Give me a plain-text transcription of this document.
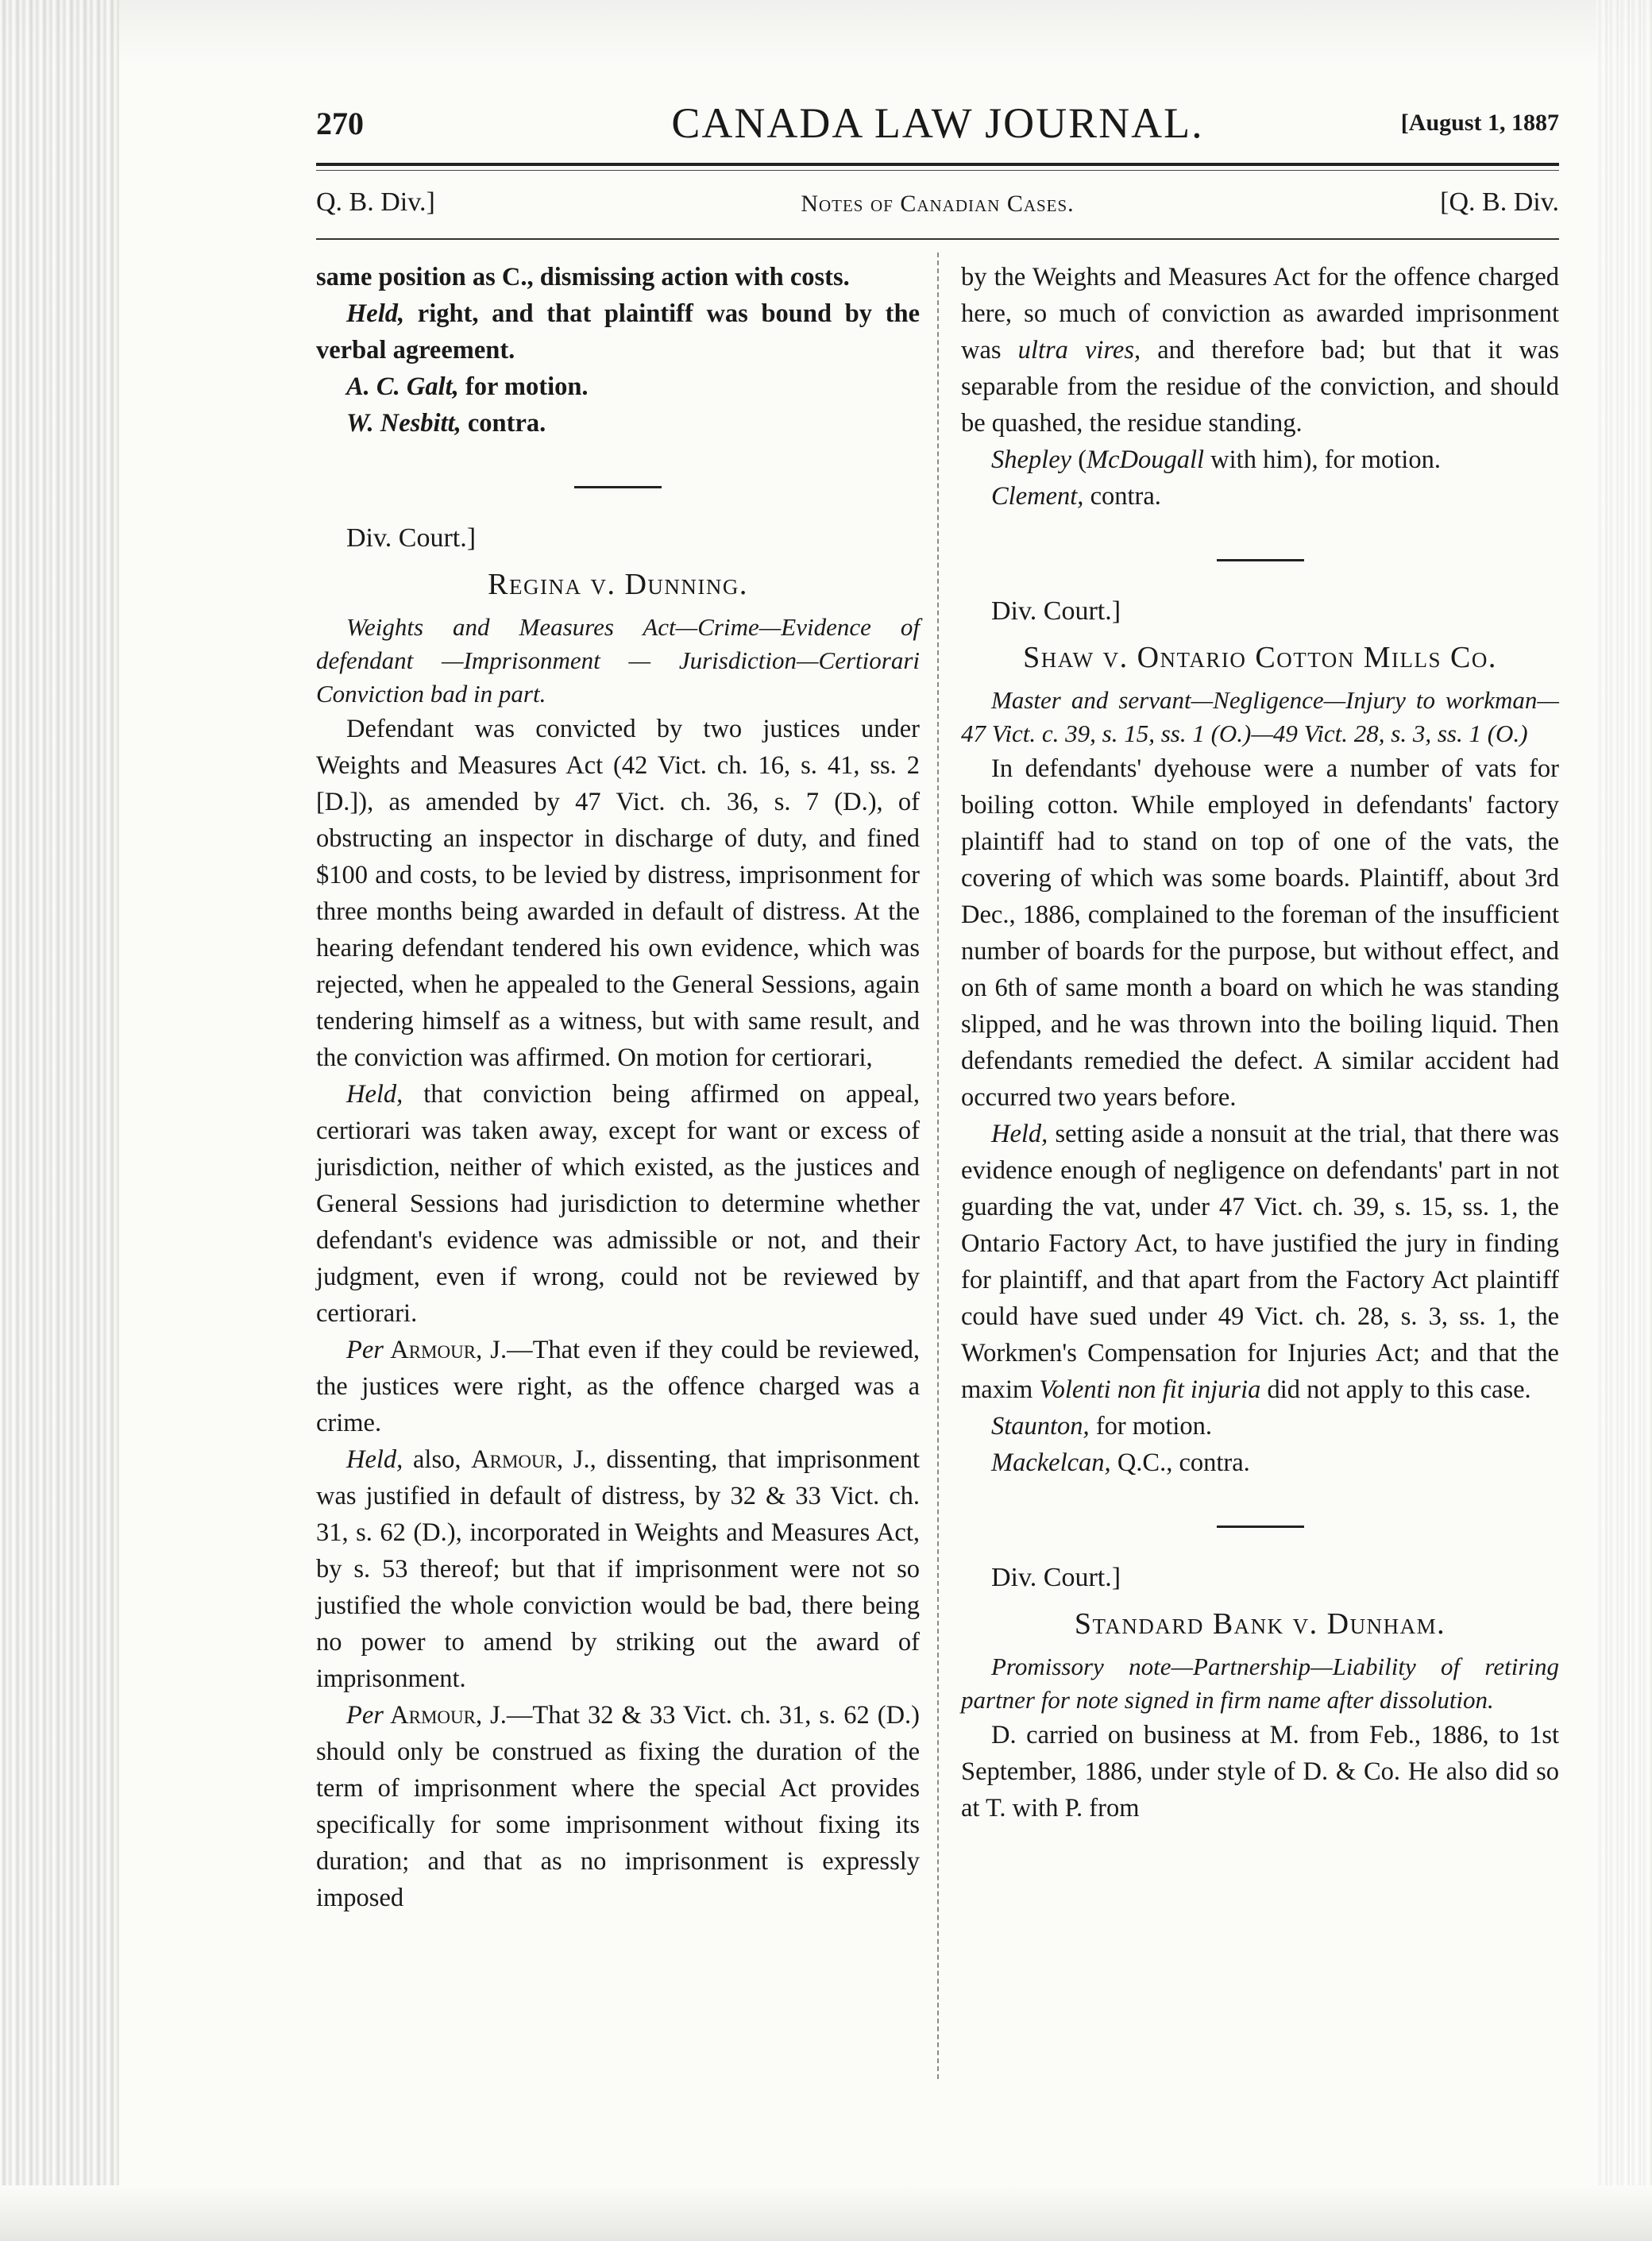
270	CANADA LAW JOURNAL.	[August 1, 1887
Q. B. Div.]	Notes of Canadian Cases.	[Q. B. Div.

same position as C., dismissing action with costs.

Held, right, and that plaintiff was bound by the verbal agreement.

A. C. Galt, for motion.

W. Nesbitt, contra.

Div. Court.]

Regina v. Dunning.

Weights and Measures Act—Crime—Evidence of defendant —Imprisonment — Jurisdiction—Certiorari Conviction bad in part.

Defendant was convicted by two justices under Weights and Measures Act (42 Vict. ch. 16, s. 41, ss. 2 [D.]), as amended by 47 Vict. ch. 36, s. 7 (D.), of obstructing an inspector in discharge of duty, and fined $100 and costs, to be levied by distress, imprisonment for three months being awarded in default of distress. At the hearing defendant tendered his own evidence, which was rejected, when he appealed to the General Sessions, again tendering himself as a witness, but with same result, and the conviction was affirmed. On motion for certiorari,

Held, that conviction being affirmed on appeal, certiorari was taken away, except for want or excess of jurisdiction, neither of which existed, as the justices and General Sessions had jurisdiction to determine whether defendant's evidence was admissible or not, and their judgment, even if wrong, could not be reviewed by certiorari.

Per Armour, J.—That even if they could be reviewed, the justices were right, as the offence charged was a crime.

Held, also, Armour, J., dissenting, that imprisonment was justified in default of distress, by 32 & 33 Vict. ch. 31, s. 62 (D.), incorporated in Weights and Measures Act, by s. 53 thereof; but that if imprisonment were not so justified the whole conviction would be bad, there being no power to amend by striking out the award of imprisonment.

Per Armour, J.—That 32 & 33 Vict. ch. 31, s. 62 (D.) should only be construed as fixing the duration of the term of imprisonment where the special Act provides specifically for some imprisonment without fixing its duration; and that as no imprisonment is expressly imposed

by the Weights and Measures Act for the offence charged here, so much of conviction as awarded imprisonment was ultra vires, and therefore bad; but that it was separable from the residue of the conviction, and should be quashed, the residue standing.

Shepley (McDougall with him), for motion.

Clement, contra.

Div. Court.]

Shaw v. Ontario Cotton Mills Co.

Master and servant—Negligence—Injury to workman—47 Vict. c. 39, s. 15, ss. 1 (O.)—49 Vict. 28, s. 3, ss. 1 (O.)

In defendants' dyehouse were a number of vats for boiling cotton. While employed in defendants' factory plaintiff had to stand on top of one of the vats, the covering of which was some boards. Plaintiff, about 3rd Dec., 1886, complained to the foreman of the insufficient number of boards for the purpose, but without effect, and on 6th of same month a board on which he was standing slipped, and he was thrown into the boiling liquid. Then defendants remedied the defect. A similar accident had occurred two years before.

Held, setting aside a nonsuit at the trial, that there was evidence enough of negligence on defendants' part in not guarding the vat, under 47 Vict. ch. 39, s. 15, ss. 1, the Ontario Factory Act, to have justified the jury in finding for plaintiff, and that apart from the Factory Act plaintiff could have sued under 49 Vict. ch. 28, s. 3, ss. 1, the Workmen's Compensation for Injuries Act; and that the maxim Volenti non fit injuria did not apply to this case.

Staunton, for motion.

Mackelcan, Q.C., contra.

Div. Court.]

Standard Bank v. Dunham.

Promissory note—Partnership—Liability of retiring partner for note signed in firm name after dissolution.

D. carried on business at M. from Feb., 1886, to 1st September, 1886, under style of D. & Co. He also did so at T. with P. from
